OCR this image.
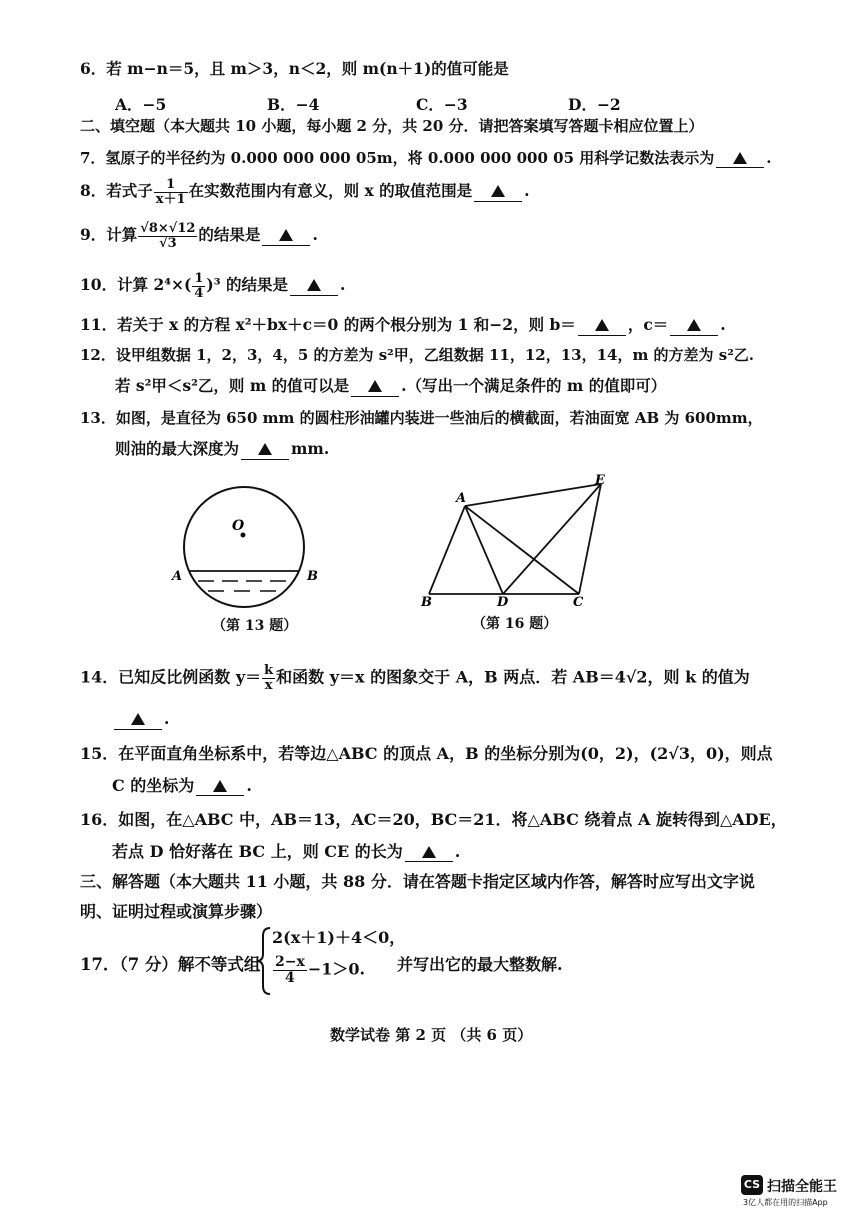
6．若 m−n＝5，且 m＞3，n＜2，则 m(n＋1)的值可能是
A．−5	B．−4	C．−3	D．−2
二、填空题（本大题共 10 小题，每小题 2 分，共 20 分．请把答案填写答题卡相应位置上）
7．氢原子的半径约为 0.000 000 000 05m，将 0.000 000 000 05 用科学记数法表示为	.
8．若式子 $\frac{1}{x+1}$ 在实数范围内有意义，则 x 的取值范围是	.
9．计算 $\frac{√8\times√12}{√3}$ 的结果是	.
10．计算 $2^4\times( \frac{1}{4} )^3$ 的结果是	.
11．若关于 x 的方程 x²＋bx＋c＝0 的两个根分别为 1 和−2，则 b＝	，c＝	.
12．设甲组数据 1，2，3，4，5 的方差为 s²甲，乙组数据 11，12，13，14，m 的方差为 s²乙.
若 s²甲＜s²乙，则 m 的值可以是	.（写出一个满足条件的 m 的值即可）
13．如图，是直径为 650 mm 的圆柱形油罐内装进一些油后的横截面，若油面宽 AB 为 600mm，
则油的最大深度为	mm.
O
A	B
（第 13 题）
A
E
B	D	C
（第 16 题）
14．已知反比例函数 $y= \frac{k}{x}$ 和函数 y＝x 的图象交于 A，B 两点．若 AB＝4√2，则 k 的值为
.
15．在平面直角坐标系中，若等边△ABC 的顶点 A，B 的坐标分别为(0，2)，(2√3，0)，则点
C 的坐标为	.
16．如图，在△ABC 中，AB＝13，AC＝20，BC＝21．将△ABC 绕着点 A 旋转得到△ADE，
若点 D 恰好落在 BC 上，则 CE 的长为	.
三、解答题（本大题共 11 小题，共 88 分．请在答题卡指定区域内作答，解答时应写出文字说
明、证明过程或演算步骤）
17．（7 分）解不等式组
2(x＋1)＋4＜0，
$\frac{2-x}{4} -1>0$. 并写出它的最大整数解.
数学试卷 第 2 页 （共 6 页）
CS 扫描全能王
3亿人都在用的扫描App
